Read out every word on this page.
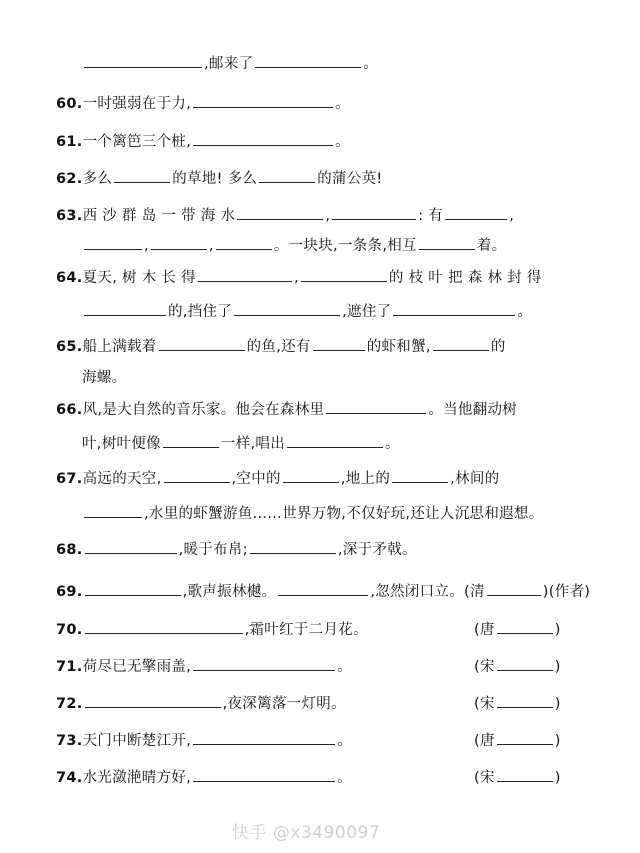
,邮来了	。
60.一时强弱在于力,	。
61.一个篱笆三个桩,	。
62.多么	的草地! 多么	的蒲公英!
63.西 沙 群 岛 一 带 海 水	,	: 有	,
,	,	。一块块,一条条,相互	着。
64.夏天, 树 木 长 得	,	的 枝 叶 把 森 林 封 得
的,挡住了	,遮住了	。
65.船上满载着	的鱼,还有	的虾和蟹,	的
海螺。
66.风,是大自然的音乐家。他会在森林里	。当他翻动树
叶,树叶便像	一样,唱出	。
67.高远的天空,	,空中的	,地上的	,林间的
,水里的虾蟹游鱼……世界万物,不仅好玩,还让人沉思和遐想。
68.	,暖于布帛;	,深于矛戟。
69.	,歌声振林樾。	,忽然闭口立。(清	)(作者)
70.	,霜叶红于二月花。	(唐	)
71.荷尽已无擎雨盖,	。	(宋	)
72.	,夜深篱落一灯明。	(宋	)
73.天门中断楚江开,	。	(唐	)
74.水光潋滟晴方好,	。	(宋	)
快手 @x3490097
